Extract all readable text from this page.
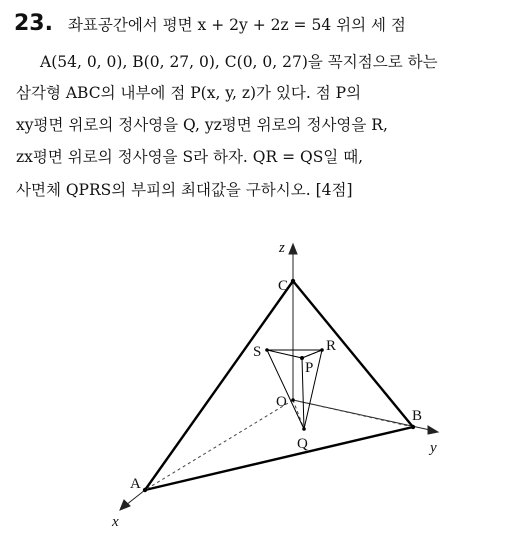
23. 좌표공간에서 평면 x + 2y + 2z = 54 위의 세 점
A(54, 0, 0), B(0, 27, 0), C(0, 0, 27)을 꼭지점으로 하는
삼각형 ABC의 내부에 점 P(x, y, z)가 있다. 점 P의
xy평면 위로의 정사영을 Q, yz평면 위로의 정사영을 R,
zx평면 위로의 정사영을 S라 하자. QR = QS일 때,
사면체 QPRS의 부피의 최대값을 구하시오. [4점]
C
A
B
O
Q
R
S
P
z
y
x
